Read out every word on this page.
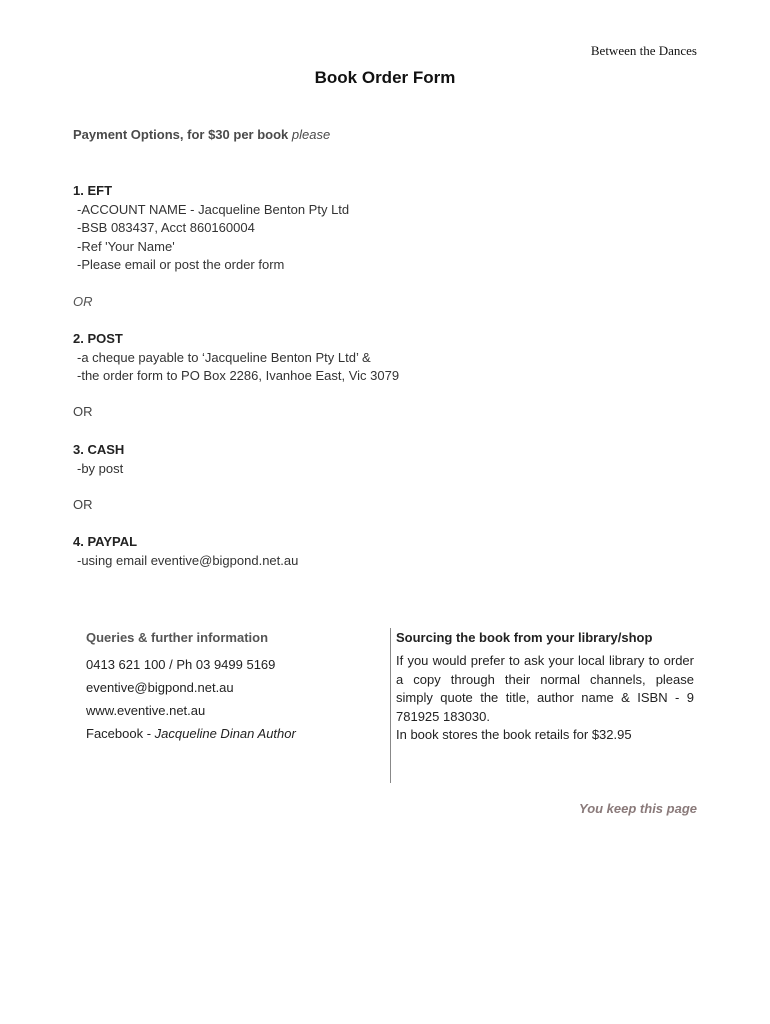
Between the Dances
Book Order Form
Payment Options, for $30 per book please
1. EFT
-ACCOUNT NAME - Jacqueline Benton Pty Ltd
-BSB 083437, Acct 860160004
-Ref 'Your Name'
-Please email or post the order form
OR
2. POST
-a cheque payable to ‘Jacqueline Benton Pty Ltd’ &
-the order form to PO Box 2286, Ivanhoe East, Vic 3079
OR
3. CASH
-by post
OR
4. PAYPAL
-using email eventive@bigpond.net.au
Queries & further information
0413 621 100 / Ph 03 9499 5169
eventive@bigpond.net.au
www.eventive.net.au
Facebook - Jacqueline Dinan Author
Sourcing the book from your library/shop
If you would prefer to ask your local library to order a copy through their normal channels, please simply quote the title, author name & ISBN - 9 781925 183030.
In book stores the book retails for $32.95
You keep this page
